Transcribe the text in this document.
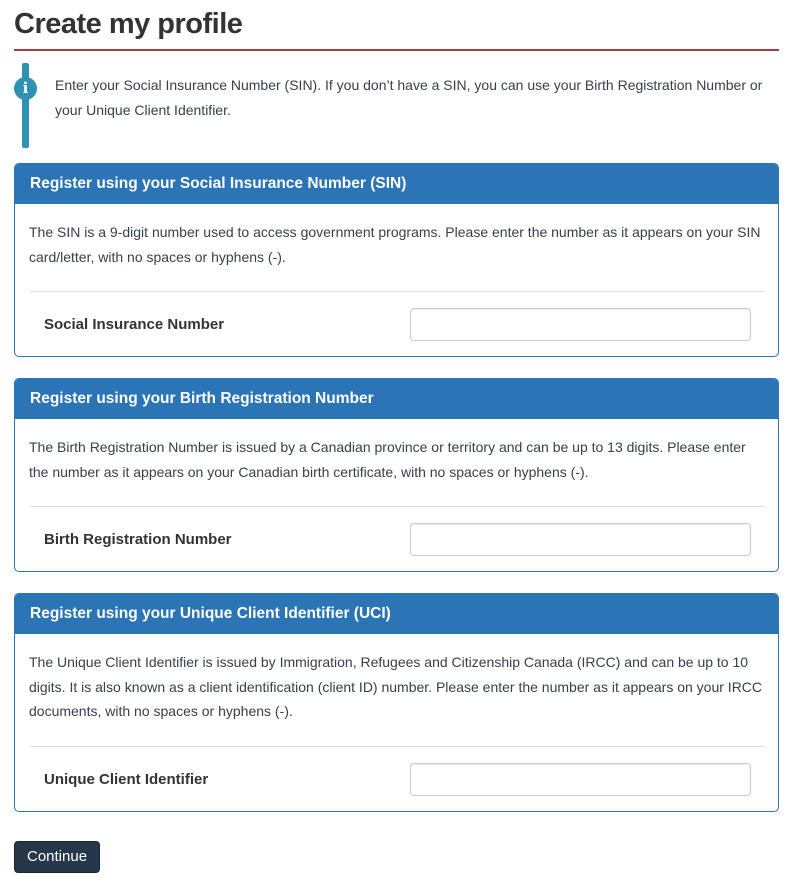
Create my profile
i	Enter your Social Insurance Number (SIN). If you don’t have a SIN, you can use your Birth Registration Number or your Unique Client Identifier.

Register using your Social Insurance Number (SIN)

The SIN is a 9-digit number used to access government programs. Please enter the number as it appears on your SIN card/letter, with no spaces or hyphens (-).

Social Insurance Number
Register using your Birth Registration Number

The Birth Registration Number is issued by a Canadian province or territory and can be up to 13 digits. Please enter the number as it appears on your Canadian birth certificate, with no spaces or hyphens (-).

Birth Registration Number
Register using your Unique Client Identifier (UCI)

The Unique Client Identifier is issued by Immigration, Refugees and Citizenship Canada (IRCC) and can be up to 10 digits. It is also known as a client identification (client ID) number. Please enter the number as it appears on your IRCC documents, with no spaces or hyphens (-).

Unique Client Identifier
Continue
